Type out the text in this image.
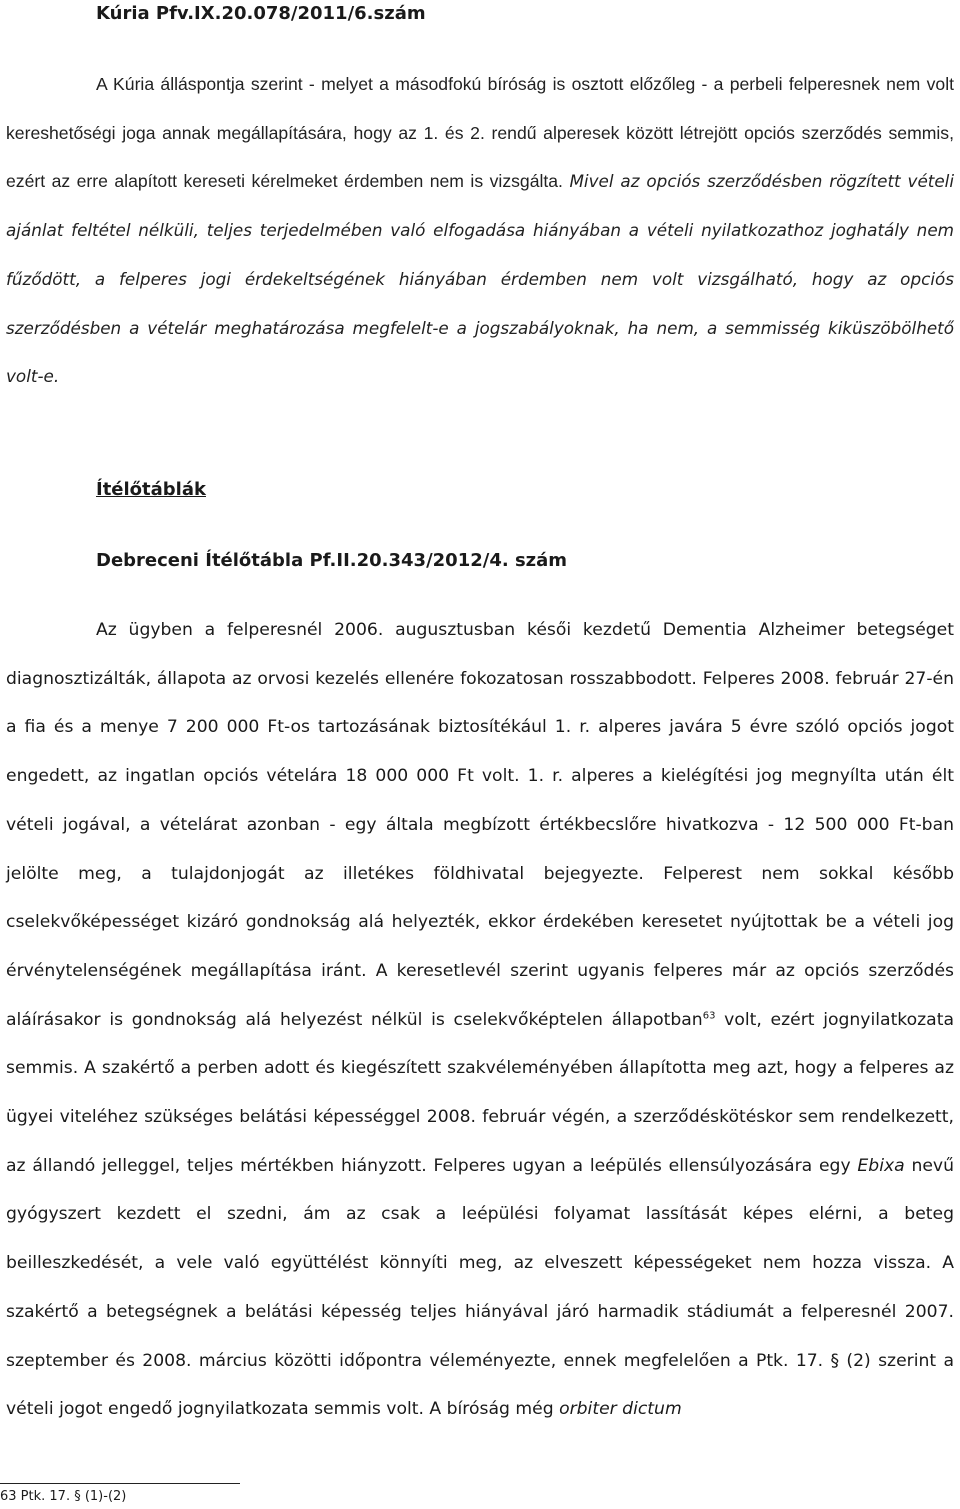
Kúria Pfv.IX.20.078/2011/6.szám

A Kúria álláspontja szerint - melyet a másodfokú bíróság is osztott előzőleg - a perbeli felperesnek nem volt kereshetőségi joga annak megállapítására, hogy az 1. és 2. rendű alperesek között létrejött opciós szerződés semmis, ezért az erre alapított kereseti kérelmeket érdemben nem is vizsgálta. Mivel az opciós szerződésben rögzített vételi ajánlat feltétel nélküli, teljes terjedelmében való elfogadása hiányában a vételi nyilatkozathoz joghatály nem fűződött, a felperes jogi érdekeltségének hiányában érdemben nem volt vizsgálható, hogy az opciós szerződésben a vételár meghatározása megfelelt-e a jogszabályoknak, ha nem, a semmisség kiküszöbölhető volt-e.

Ítélőtáblák
Debreceni Ítélőtábla Pf.II.20.343/2012/4. szám

Az ügyben a felperesnél 2006. augusztusban késői kezdetű Dementia Alzheimer betegséget diagnosztizálták, állapota az orvosi kezelés ellenére fokozatosan rosszabbodott. Felperes 2008. február 27-én a fia és a menye 7 200 000 Ft-os tartozásának biztosítékául 1. r. alperes javára 5 évre szóló opciós jogot engedett, az ingatlan opciós vételára 18 000 000 Ft volt. 1. r. alperes a kielégítési jog megnyílta után élt vételi jogával, a vételárat azonban - egy általa megbízott értékbecslőre hivatkozva - 12 500 000 Ft-ban jelölte meg, a tulajdonjogát az illetékes földhivatal bejegyezte. Felperest nem sokkal később cselekvőképességet kizáró gondnokság alá helyezték, ekkor érdekében keresetet nyújtottak be a vételi jog érvénytelenségének megállapítása iránt. A keresetlevél szerint ugyanis felperes már az opciós szerződés aláírásakor is gondnokság alá helyezést nélkül is cselekvőképtelen állapotban$^{63}$ volt, ezért jognyilatkozata semmis. A szakértő a perben adott és kiegészített szakvéleményében állapította meg azt, hogy a felperes az ügyei viteléhez szükséges belátási képességgel 2008. február végén, a szerződéskötéskor sem rendelkezett, az állandó jelleggel, teljes mértékben hiányzott. Felperes ugyan a leépülés ellensúlyozására egy Ebixa nevű gyógyszert kezdett el szedni, ám az csak a leépülési folyamat lassítását képes elérni, a beteg beilleszkedését, a vele való együttélést könnyíti meg, az elveszett képességeket nem hozza vissza. A szakértő a betegségnek a belátási képesség teljes hiányával járó harmadik stádiumát a felperesnél 2007. szeptember és 2008. március közötti időpontra véleményezte, ennek megfelelően a Ptk. 17. § (2) szerint a vételi jogot engedő jognyilatkozata semmis volt. A bíróság még orbiter dictum

63 Ptk. 17. § (1)-(2)
